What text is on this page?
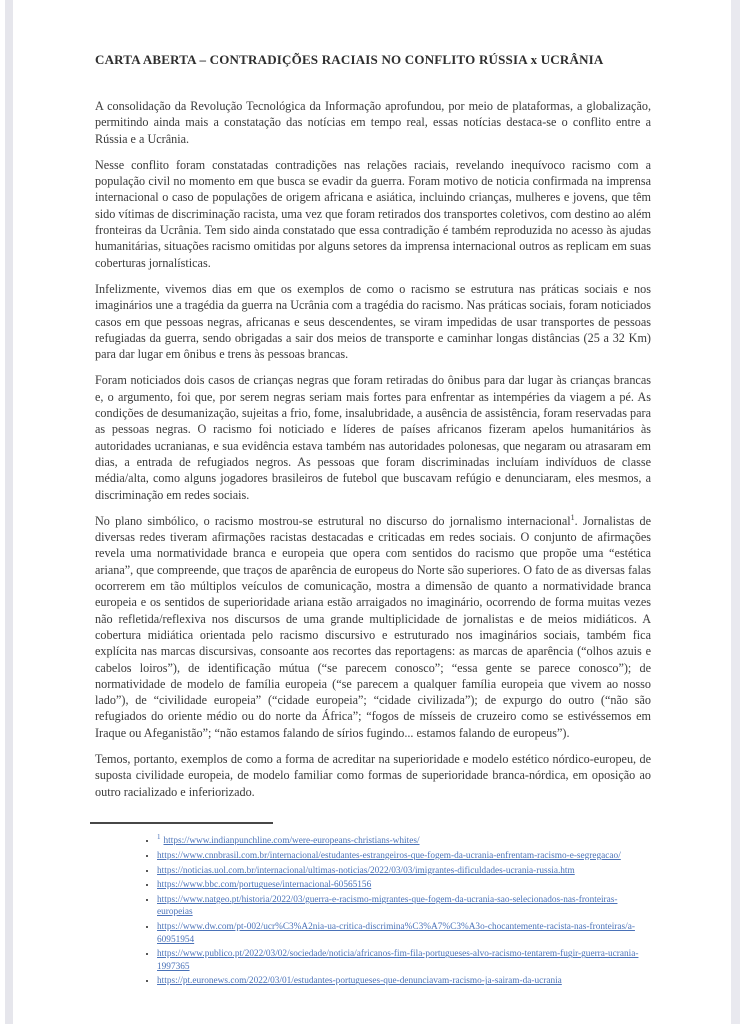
CARTA ABERTA – CONTRADIÇÕES RACIAIS NO CONFLITO RÚSSIA x UCRÂNIA

A consolidação da Revolução Tecnológica da Informação aprofundou, por meio de plataformas, a globalização, permitindo ainda mais a constatação das notícias em tempo real, essas notícias destaca-se o conflito entre a Rússia e a Ucrânia.

Nesse conflito foram constatadas contradições nas relações raciais, revelando inequívoco racismo com a população civil no momento em que busca se evadir da guerra. Foram motivo de noticia confirmada na imprensa internacional o caso de populações de origem africana e asiática, incluindo crianças, mulheres e jovens, que têm sido vítimas de discriminação racista, uma vez que foram retirados dos transportes coletivos, com destino ao além fronteiras da Ucrânia. Tem sido ainda constatado que essa contradição é também reproduzida no acesso às ajudas humanitárias, situações racismo omitidas por alguns setores da imprensa internacional outros as replicam em suas coberturas jornalísticas.

Infelizmente, vivemos dias em que os exemplos de como o racismo se estrutura nas práticas sociais e nos imaginários une a tragédia da guerra na Ucrânia com a tragédia do racismo. Nas práticas sociais, foram noticiados casos em que pessoas negras, africanas e seus descendentes, se viram impedidas de usar transportes de pessoas refugiadas da guerra, sendo obrigadas a sair dos meios de transporte e caminhar longas distâncias (25 a 32 Km) para dar lugar em ônibus e trens às pessoas brancas.

Foram noticiados dois casos de crianças negras que foram retiradas do ônibus para dar lugar às crianças brancas e, o argumento, foi que, por serem negras seriam mais fortes para enfrentar as intempéries da viagem a pé. As condições de desumanização, sujeitas a frio, fome, insalubridade, a ausência de assistência, foram reservadas para as pessoas negras. O racismo foi noticiado e líderes de países africanos fizeram apelos humanitários às autoridades ucranianas, e sua evidência estava também nas autoridades polonesas, que negaram ou atrasaram em dias, a entrada de refugiados negros. As pessoas que foram discriminadas incluíam indivíduos de classe média/alta, como alguns jogadores brasileiros de futebol que buscavam refúgio e denunciaram, eles mesmos, a discriminação em redes sociais.

No plano simbólico, o racismo mostrou-se estrutural no discurso do jornalismo internacional$^1$. Jornalistas de diversas redes tiveram afirmações racistas destacadas e criticadas em redes sociais. O conjunto de afirmações revela uma normatividade branca e europeia que opera com sentidos do racismo que propõe uma “estética ariana”, que compreende, que traços de aparência de europeus do Norte são superiores. O fato de as diversas falas ocorrerem em tão múltiplos veículos de comunicação, mostra a dimensão de quanto a normatividade branca europeia e os sentidos de superioridade ariana estão arraigados no imaginário, ocorrendo de forma muitas vezes não refletida/reflexiva nos discursos de uma grande multiplicidade de jornalistas e de meios midiáticos. A cobertura midiática orientada pelo racismo discursivo e estruturado nos imaginários sociais, também fica explícita nas marcas discursivas, consoante aos recortes das reportagens: as marcas de aparência (“olhos azuis e cabelos loiros”), de identificação mútua (“se parecem conosco”; “essa gente se parece conosco”); de normatividade de modelo de família europeia (“se parecem a qualquer família europeia que vivem ao nosso lado”), de “civilidade europeia” (“cidade europeia”; “cidade civilizada”); de expurgo do outro (“não são refugiados do oriente médio ou do norte da África”; “fogos de mísseis de cruzeiro como se estivéssemos em Iraque ou Afeganistão”; “não estamos falando de sírios fugindo... estamos falando de europeus”).

Temos, portanto, exemplos de como a forma de acreditar na superioridade e modelo estético nórdico-europeu, de suposta civilidade europeia, de modelo familiar como formas de superioridade branca-nórdica, em oposição ao outro racializado e inferiorizado.

• $^1$ https://www.indianpunchline.com/were-europeans-christians-whites/
• https://www.cnnbrasil.com.br/internacional/estudantes-estrangeiros-que-fogem-da-ucrania-enfrentam-racismo-e-segregacao/
• https://noticias.uol.com.br/internacional/ultimas-noticias/2022/03/03/imigrantes-dificuldades-ucrania-russia.htm
• https://www.bbc.com/portuguese/internacional-60565156
• https://www.natgeo.pt/historia/2022/03/guerra-e-racismo-migrantes-que-fogem-da-ucrania-sao-selecionados-nas-fronteiras-europeias
• https://www.dw.com/pt-002/ucr%C3%A2nia-ua-critica-discrimina%C3%A7%C3%A3o-chocantemente-racista-nas-fronteiras/a-60951954
• https://www.publico.pt/2022/03/02/sociedade/noticia/africanos-fim-fila-portugueses-alvo-racismo-tentarem-fugir-guerra-ucrania-1997365
• https://pt.euronews.com/2022/03/01/estudantes-portugueses-que-denunciavam-racismo-ja-sairam-da-ucrania
